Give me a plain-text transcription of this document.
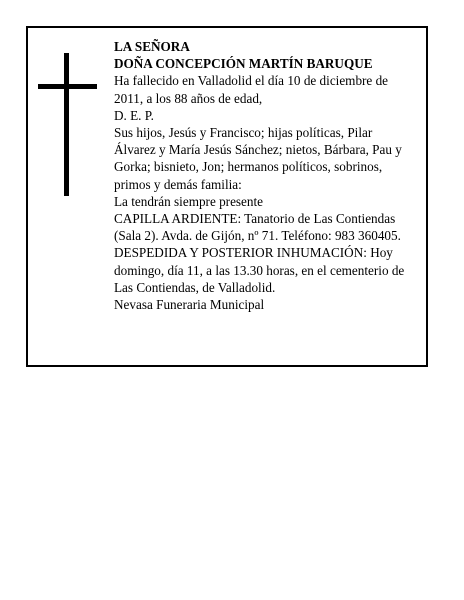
LA SEÑORA
DOÑA CONCEPCIÓN MARTÍN BARUQUE
Ha fallecido en Valladolid el día 10 de diciembre de
2011, a los 88 años de edad,
D. E. P.
Sus hijos, Jesús y Francisco; hijas políticas, Pilar
Álvarez y María Jesús Sánchez; nietos, Bárbara, Pau y
Gorka; bisnieto, Jon; hermanos políticos, sobrinos,
primos y demás familia:
La tendrán siempre presente
CAPILLA ARDIENTE: Tanatorio de Las Contiendas
(Sala 2). Avda. de Gijón, nº 71. Teléfono: 983 360405.
DESPEDIDA Y POSTERIOR INHUMACIÓN: Hoy
domingo, día 11, a las 13.30 horas, en el cementerio de
Las Contiendas, de Valladolid.
Nevasa Funeraria Municipal
